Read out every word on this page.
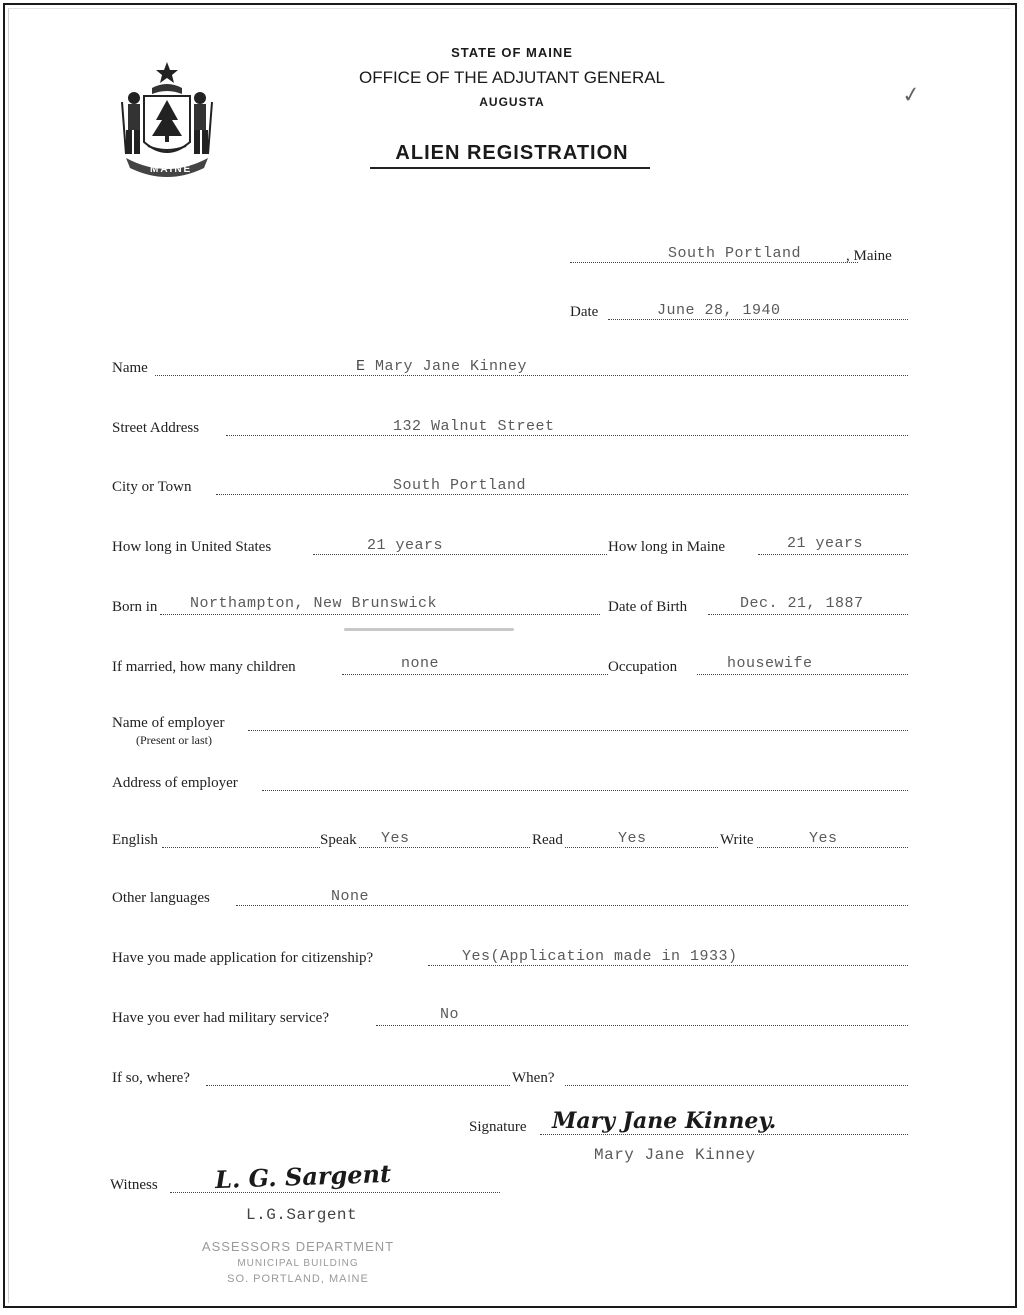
MAINE
STATE OF MAINE
OFFICE OF THE ADJUTANT GENERAL
AUGUSTA
ALIEN REGISTRATION
✓
South Portland	, Maine
Date	June 28, 1940
Name	E Mary Jane Kinney
Street Address	132 Walnut Street
City or Town	South Portland
How long in United States	21 years	How long in Maine	21 years
Born in Northampton, New Brunswick	Date of Birth	Dec. 21, 1887
If married, how many children	none	Occupation	housewife
Name of employer
(Present or last)
Address of employer
English	Speak Yes	Read	Yes	Write	Yes
Other languages	None
Have you made application for citizenship?	Yes(Application made in 1933)
Have you ever had military service?	No
If so, where?	When?
Signature Mary Jane Kinney.
Mary Jane Kinney
Witness L. G. Sargent
L.G.Sargent
ASSESSORS DEPARTMENT
MUNICIPAL BUILDING
SO. PORTLAND, MAINE
